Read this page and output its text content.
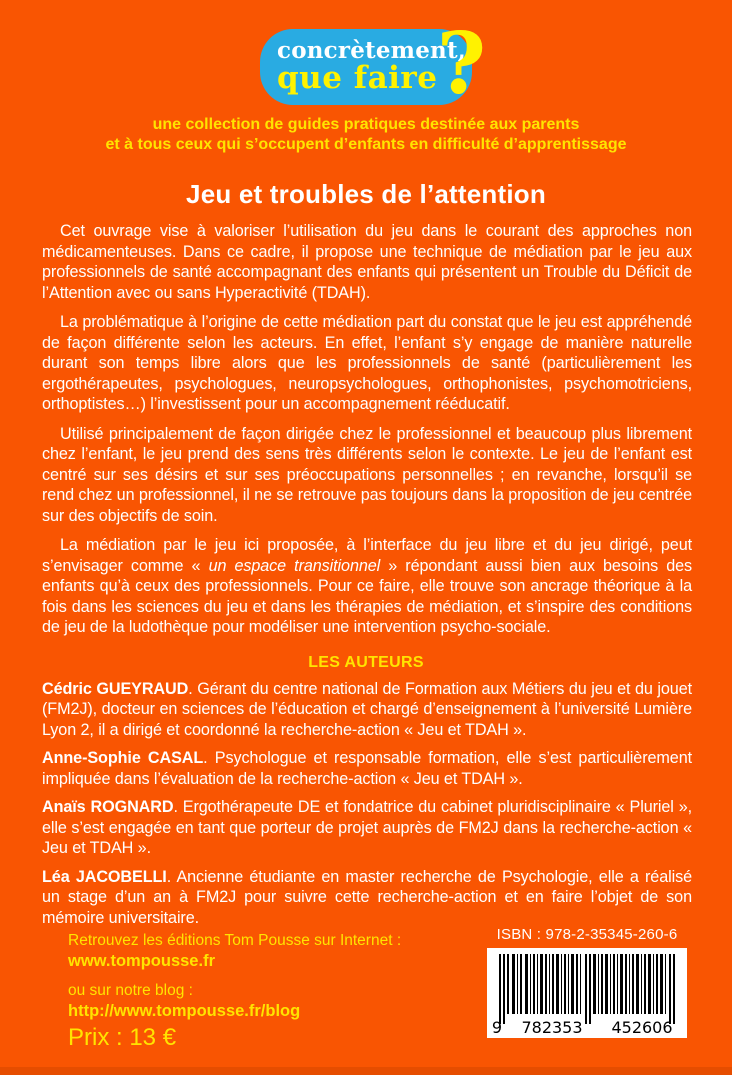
concrètement,
que faire ?
une collection de guides pratiques destinée aux parents
et à tous ceux qui s’occupent d’enfants en difficulté d’apprentissage
Jeu et troubles de l’attention

Cet ouvrage vise à valoriser l’utilisation du jeu dans le courant des approches non médicamenteuses. Dans ce cadre, il propose une technique de médiation par le jeu aux professionnels de santé accompagnant des enfants qui présentent un Trouble du Déficit de l’Attention avec ou sans Hyperactivité (TDAH).

La problématique à l’origine de cette médiation part du constat que le jeu est appréhendé de façon différente selon les acteurs. En effet, l’enfant s’y engage de manière naturelle durant son temps libre alors que les professionnels de santé (particulièrement les ergothérapeutes, psychologues, neuropsychologues, orthophonistes, psychomotriciens, orthoptistes…) l’investissent pour un accompagnement rééducatif.

Utilisé principalement de façon dirigée chez le professionnel et beaucoup plus librement chez l’enfant, le jeu prend des sens très différents selon le contexte. Le jeu de l’enfant est centré sur ses désirs et sur ses préoccupations personnelles ; en revanche, lorsqu’il se rend chez un professionnel, il ne se retrouve pas toujours dans la proposition de jeu centrée sur des objectifs de soin.

La médiation par le jeu ici proposée, à l’interface du jeu libre et du jeu dirigé, peut s’envisager comme « un espace transitionnel » répondant aussi bien aux besoins des enfants qu’à ceux des professionnels. Pour ce faire, elle trouve son ancrage théorique à la fois dans les sciences du jeu et dans les thérapies de médiation, et s’inspire des conditions de jeu de la ludothèque pour modéliser une intervention psycho-sociale.

LES AUTEURS

Cédric GUEYRAUD. Gérant du centre national de Formation aux Métiers du jeu et du jouet (FM2J), docteur en sciences de l’éducation et chargé d’enseignement à l’université Lumière Lyon 2, il a dirigé et coordonné la recherche-action « Jeu et TDAH ».

Anne-Sophie CASAL. Psychologue et responsable formation, elle s’est particulièrement impliquée dans l’évaluation de la recherche-action « Jeu et TDAH ».

Anaïs ROGNARD. Ergothérapeute DE et fondatrice du cabinet pluridisciplinaire « Pluriel », elle s’est engagée en tant que porteur de projet auprès de FM2J dans la recherche-action « Jeu et TDAH ».

Léa JACOBELLI. Ancienne étudiante en master recherche de Psychologie, elle a réalisé un stage d’un an à FM2J pour suivre cette recherche-action et en faire l’objet de son mémoire universitaire.

Retrouvez les éditions Tom Pousse sur Internet :
www.tompousse.fr
ou sur notre blog :
http://www.tompousse.fr/blog
Prix : 13 €
ISBN : 978-2-35345-260-6
9	782353	452606
